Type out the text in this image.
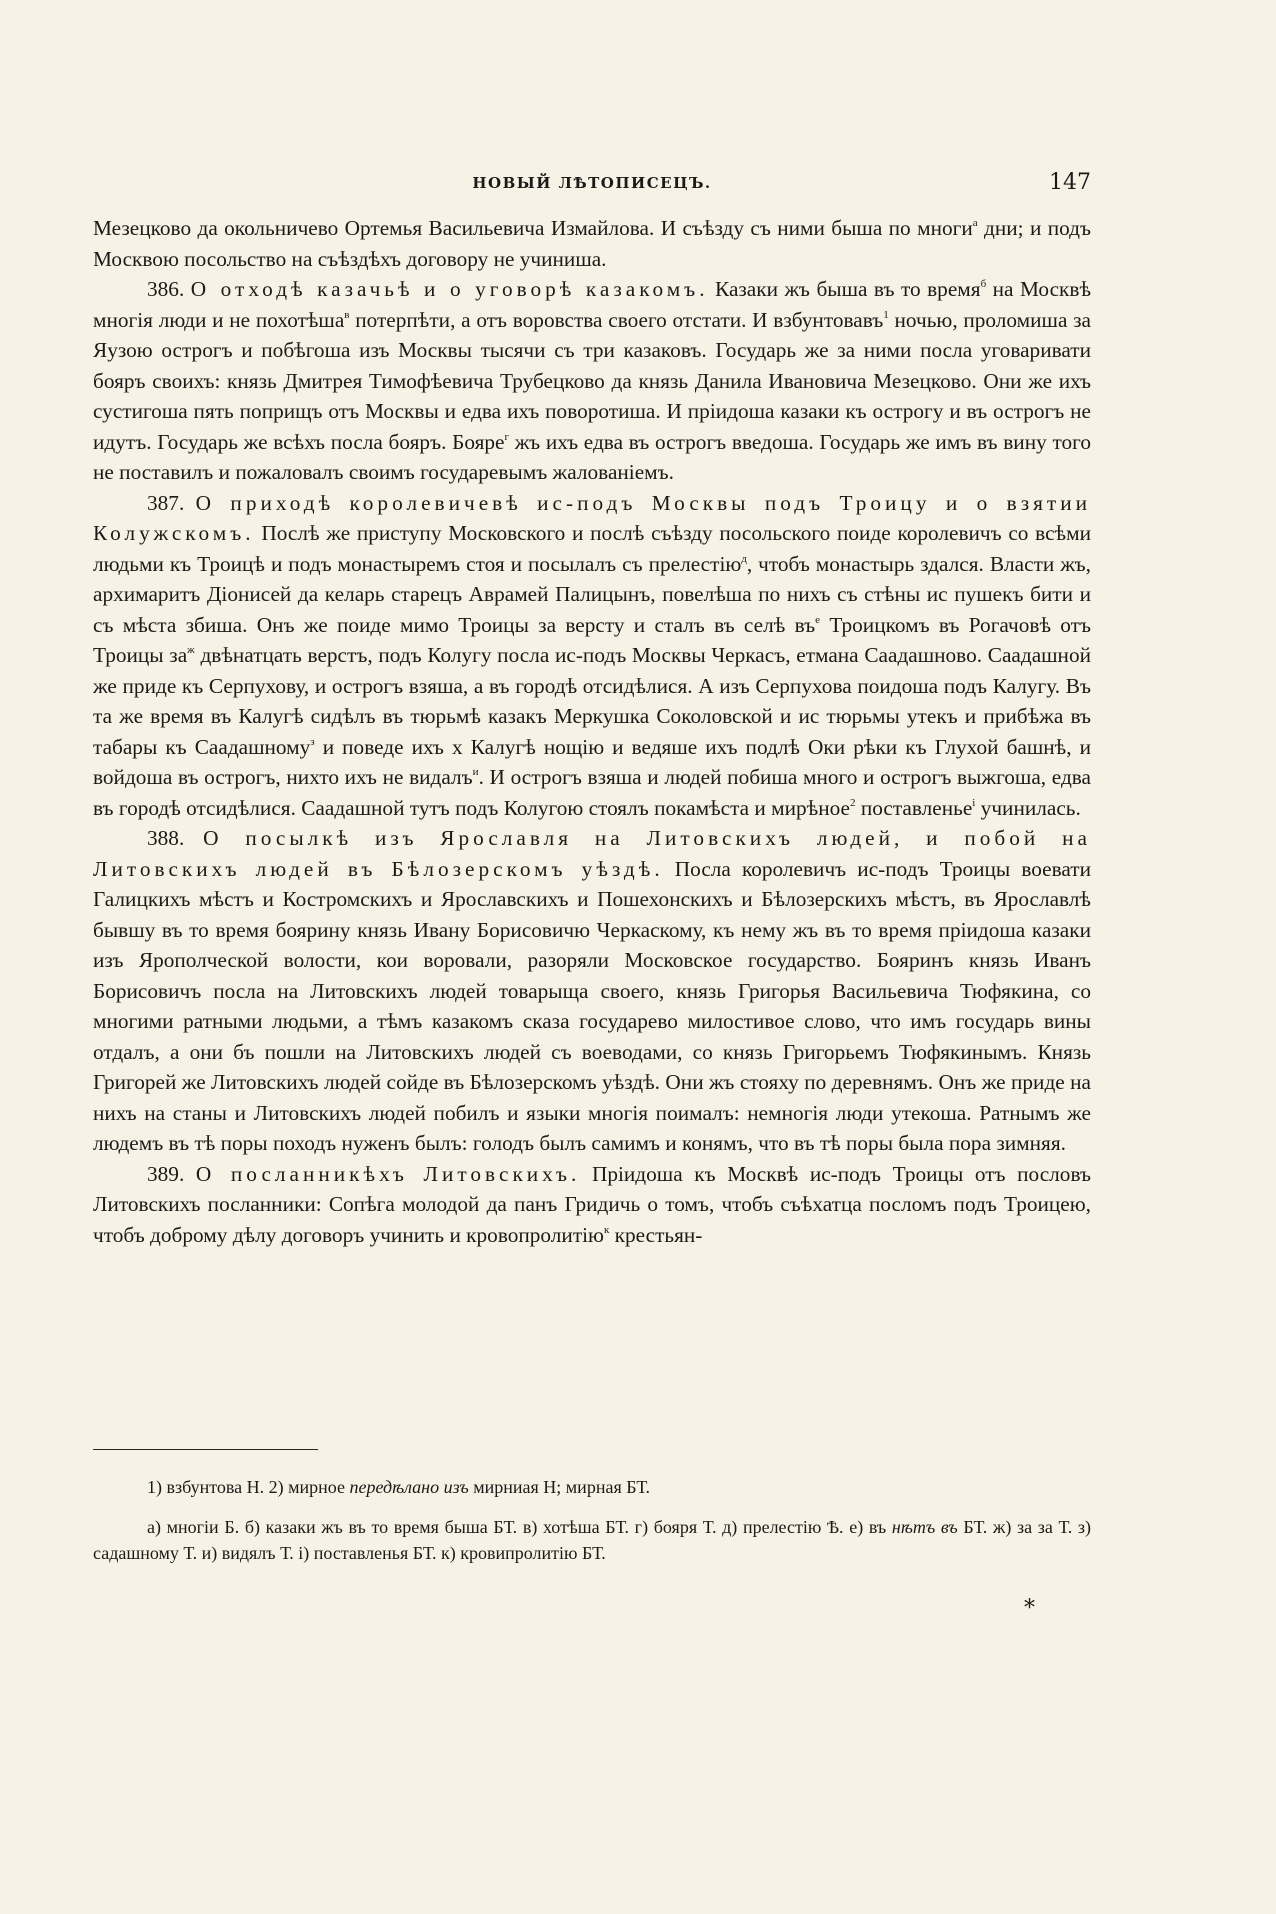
НОВЫЙ ЛѢТОПИСЕЦЪ.	147

Мезецково да окольничево Ортемья Васильевича Измайлова. И съѣзду съ ними быша по многи$^а$ дни; и подъ Москвою посольство на съѣздѣхъ договору не учиниша.

386. О отходѣ казачьѣ и о уговорѣ казакомъ. Казаки жъ быша въ то время$^б$ на Москвѣ многія люди и не похотѣша$^в$ потерпѣти, а отъ воровства своего отстати. И взбунтовавъ$^1$ ночью, проломиша за Яузою острогъ и побѣгоша изъ Москвы тысячи съ три казаковъ. Государь же за ними посла уговаривати бояръ своихъ: князь Дмитрея Тимофѣевича Трубецково да князь Данила Ивановича Мезецково. Они же ихъ сустигоша пять поприщъ отъ Москвы и едва ихъ поворотиша. И пріидоша казаки къ острогу и въ острогъ не идутъ. Государь же всѣхъ посла бояръ. Бояре$^г$ жъ ихъ едва въ острогъ введоша. Государь же имъ въ вину того не поставилъ и пожаловалъ своимъ государевымъ жалованіемъ.

387. О приходѣ королевичевѣ ис-подъ Москвы подъ Троицу и о взятии Колужскомъ. Послѣ же приступу Московского и послѣ съѣзду посольского поиде королевичъ со всѣми людьми къ Троицѣ и подъ монастыремъ стоя и посылалъ съ прелестію$^д$, чтобъ монастырь здался. Власти жъ, архимаритъ Діонисей да келарь старецъ Аврамей Палицынъ, повелѣша по нихъ съ стѣны ис пушекъ бити и съ мѣста збиша. Онъ же поиде мимо Троицы за версту и сталъ въ селѣ $въ^е$ Троицкомъ въ Рогачовѣ отъ Троицы $за^ж$ двѣнатцать верстъ, подъ Колугу посла ис-подъ Москвы Черкасъ, етмана Саадашново. Саадашной же приде къ Серпухову, и острогъ взяша, а въ городѣ отсидѣлися. А изъ Серпухова поидоша подъ Калугу. Въ та же время въ Калугѣ сидѣлъ въ тюрьмѣ казакъ Меркушка Соколовской и ис тюрьмы утекъ и прибѣжа въ табары къ Саадашному$^з$ и поведе ихъ х Калугѣ нощію и ведяше ихъ подлѣ Оки рѣки къ Глухой башнѣ, и войдоша въ острогъ, нихто ихъ не видалъ$^и$. И острогъ взяша и людей побиша много и острогъ выжгоша, едва въ городѣ отсидѣлися. Саадашной тутъ подъ Колугою стоялъ покамѣста и мирѣное$^2$ поставленье$^і$ учинилась.

388. О посылкѣ изъ Ярославля на Литовскихъ людей, и побой на Литовскихъ людей въ Бѣлозерскомъ уѣздѣ. Посла королевичъ ис-подъ Троицы воевати Галицкихъ мѣстъ и Костромскихъ и Ярославскихъ и Пошехонскихъ и Бѣлозерскихъ мѣстъ, въ Ярославлѣ бывшу въ то время боярину князь Ивану Борисовичю Черкаскому, къ нему жъ въ то время пріидоша казаки изъ Ярополческой волости, кои воровали, разоряли Московское государство. Бояринъ князь Иванъ Борисовичъ посла на Литовскихъ людей товарыща своего, князь Григорья Васильевича Тюфякина, со многими ратными людьми, а тѣмъ казакомъ сказа государево милостивое слово, что имъ государь вины отдалъ, а они бъ пошли на Литовскихъ людей съ воеводами, со князь Григорьемъ Тюфякинымъ. Князь Григорей же Литовскихъ людей сойде въ Бѣлозерскомъ уѣздѣ. Они жъ стояху по деревнямъ. Онъ же приде на нихъ на станы и Литовскихъ людей побилъ и языки многія поималъ: немногія люди утекоша. Ратнымъ же людемъ въ тѣ поры походъ нуженъ былъ: голодъ былъ самимъ и конямъ, что въ тѣ поры была пора зимняя.

389. О посланникѣхъ Литовскихъ. Пріидоша къ Москвѣ ис-подъ Троицы отъ пословъ Литовскихъ посланники: Сопѣга молодой да панъ Гридичь о томъ, чтобъ съѣхатца посломъ подъ Троицею, чтобъ доброму дѣлу договоръ учинить и кровопролитію$^к$ крестьян-

1) взбунтова Н. 2) мирное передѣлано изъ мирниая Н; мирная БТ.

а) многіи Б. б) казаки жъ въ то время быша БТ. в) хотѣша БТ. г) бояря Т. д) прелестію Ѣ. е) въ нѣтъ въ БТ. ж) за за Т. з) садашному Т. и) видялъ Т. і) поставленья БТ. к) кровипролитію БТ.

*
